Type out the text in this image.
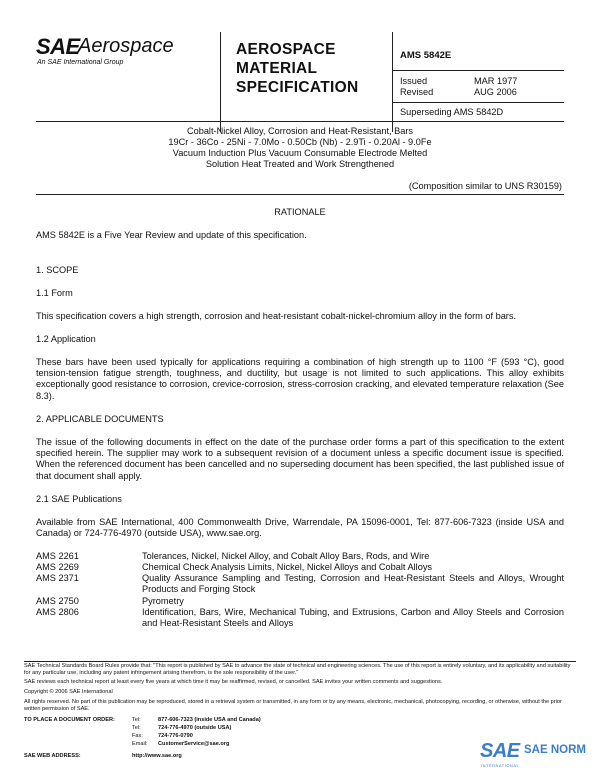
SAE
Aerospace
An SAE International Group
AEROSPACE
MATERIAL
SPECIFICATION
AMS 5842E
Issued	MAR 1977
Revised	AUG 2006
Superseding AMS 5842D
Cobalt-Nickel Alloy, Corrosion and Heat-Resistant, Bars
19Cr - 36Co - 25Ni - 7.0Mo - 0.50Cb (Nb) - 2.9Ti - 0.20Al - 9.0Fe
Vacuum Induction Plus Vacuum Consumable Electrode Melted
Solution Heat Treated and Work Strengthened
(Composition similar to UNS R30159)
RATIONALE
AMS 5842E is a Five Year Review and update of this specification.
1. SCOPE
1.1 Form
This specification covers a high strength, corrosion and heat-resistant cobalt-nickel-chromium alloy in the form of bars.
1.2 Application
These bars have been used typically for applications requiring a combination of high strength up to 1100 °F (593 °C), good tension-tension fatigue strength, toughness, and ductility, but usage is not limited to such applications. This alloy exhibits exceptionally good resistance to corrosion, crevice-corrosion, stress-corrosion cracking, and elevated temperature relaxation (See 8.3).
2. APPLICABLE DOCUMENTS
The issue of the following documents in effect on the date of the purchase order forms a part of this specification to the extent specified herein. The supplier may work to a subsequent revision of a document unless a specific document issue is specified. When the referenced document has been cancelled and no superseding document has been specified, the last published issue of that document shall apply.
2.1 SAE Publications
Available from SAE International, 400 Commonwealth Drive, Warrendale, PA 15096-0001, Tel: 877-606-7323 (inside USA and Canada) or 724-776-4970 (outside USA), www.sae.org.
AMS 2261	Tolerances, Nickel, Nickel Alloy, and Cobalt Alloy Bars, Rods, and Wire
AMS 2269	Chemical Check Analysis Limits, Nickel, Nickel Alloys and Cobalt Alloys
AMS 2371	Quality Assurance Sampling and Testing, Corrosion and Heat-Resistant Steels and Alloys, Wrought Products and Forging Stock
AMS 2750	Pyrometry
AMS 2806	Identification, Bars, Wire, Mechanical Tubing, and Extrusions, Carbon and Alloy Steels and Corrosion and Heat-Resistant Steels and Alloys
SAE Technical Standards Board Rules provide that: "This report is published by SAE to advance the state of technical and engineering sciences. The use of this report is entirely voluntary, and its applicability and suitability for any particular use, including any patent infringement arising therefrom, is the sole responsibility of the user."
SAE reviews each technical report at least every five years at which time it may be reaffirmed, revised, or cancelled. SAE invites your written comments and suggestions.
Copyright © 2006 SAE International
All rights reserved. No part of this publication may be reproduced, stored in a retrieval system or transmitted, in any form or by any means, electronic, mechanical, photocopying, recording, or otherwise, without the prior written permission of SAE.
TO PLACE A DOCUMENT ORDER:	Tel:	877-606-7323 (inside USA and Canada)
Tel:	724-776-4970 (outside USA)
Fax:	724-776-0790
Email: CustomerService@sae.org
SAE WEB ADDRESS:	http://www.sae.org	SAE SAE NORM
INTERNATIONAL
